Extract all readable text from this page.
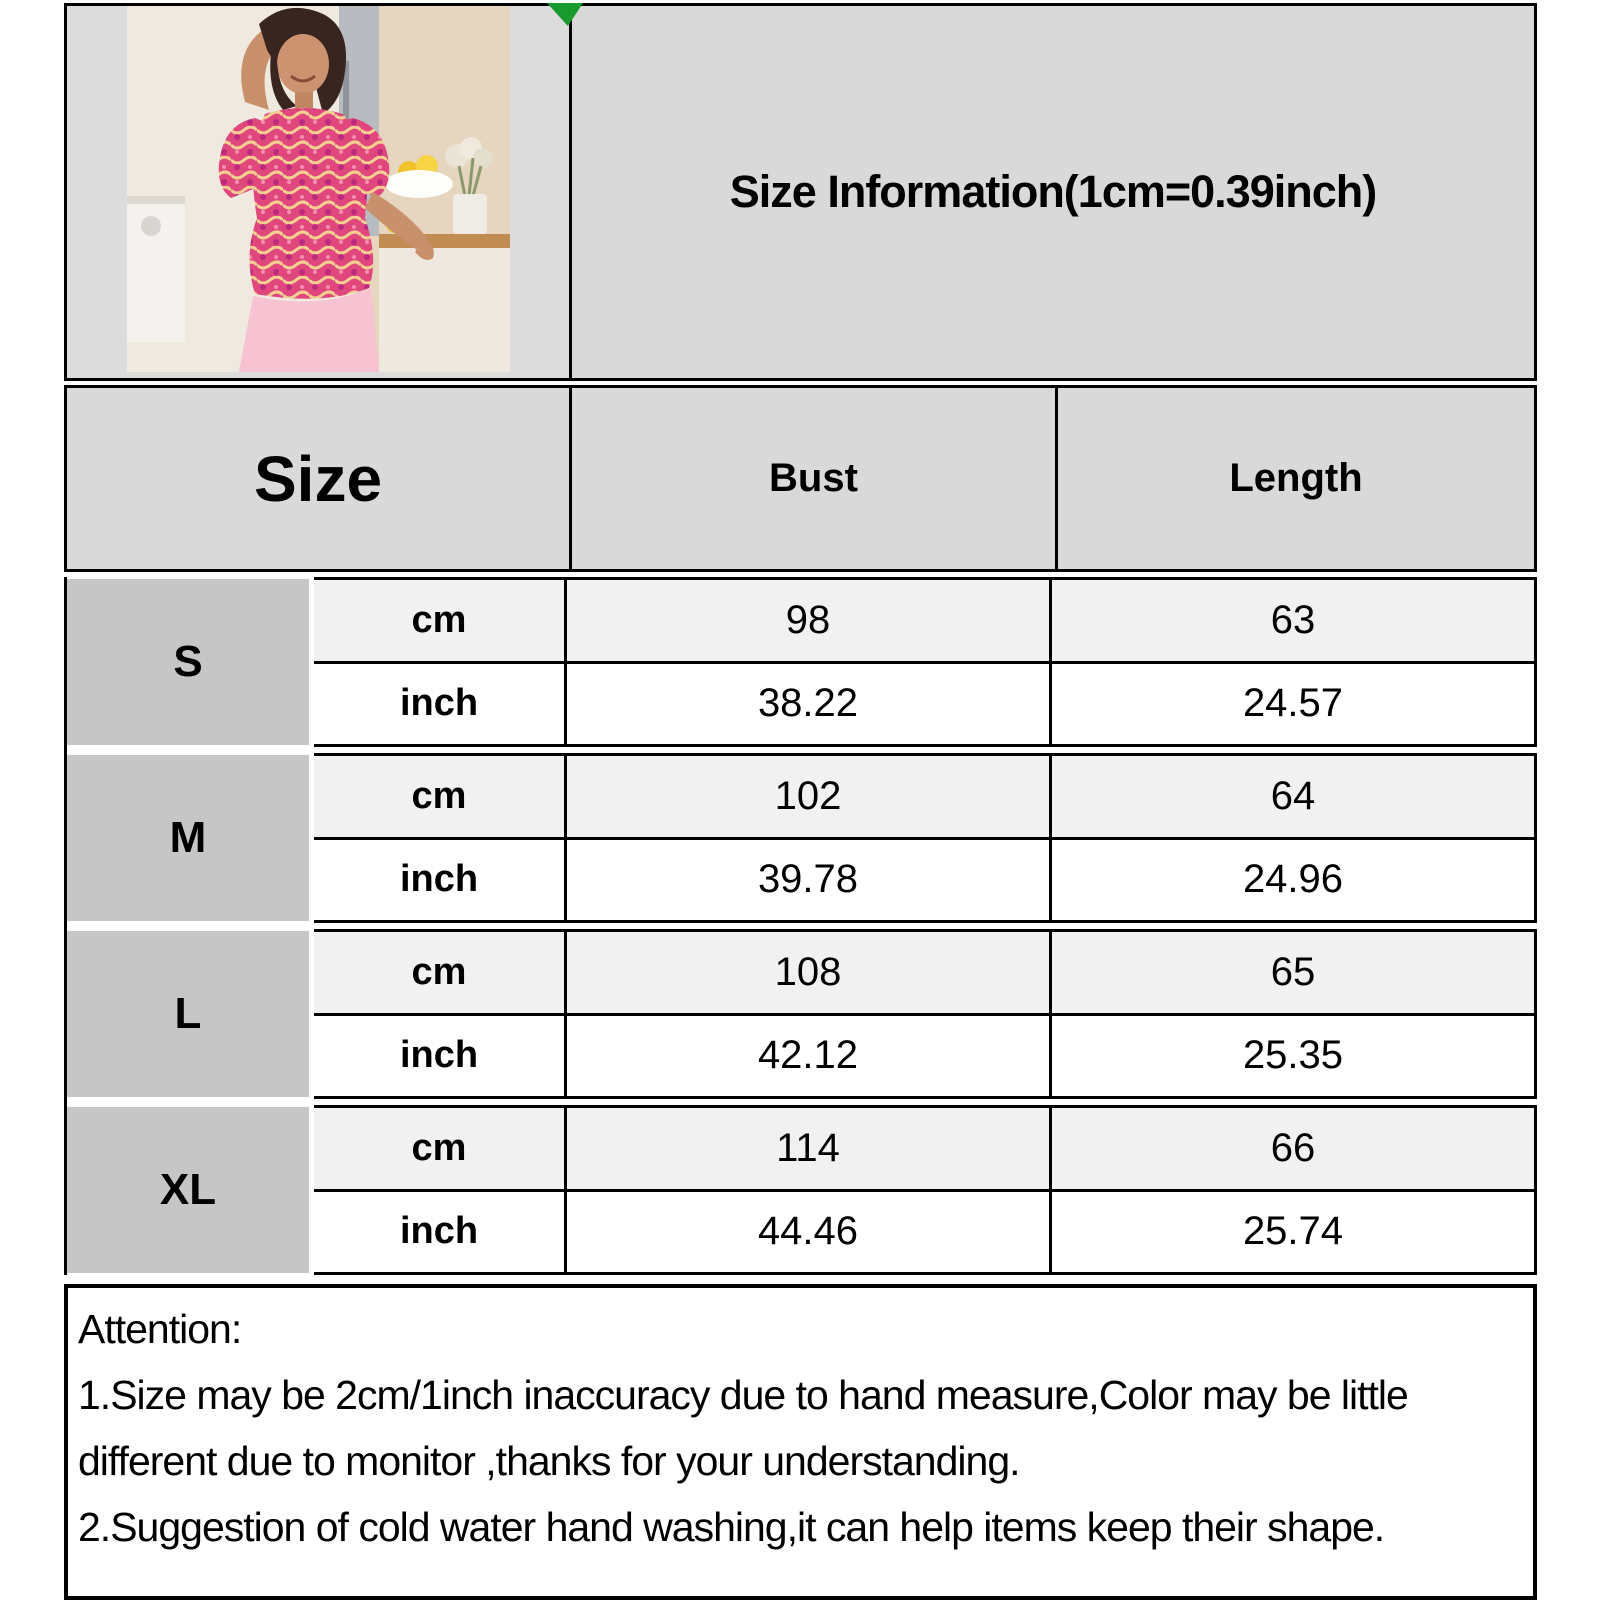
Size Information(1cm=0.39inch)
Size	Bust	Length
S
cm	98	63
inch	38.22	24.57
M
cm	102	64
inch	39.78	24.96
L
cm	108	65
inch	42.12	25.35
XL
cm	114	66
inch	44.46	25.74

Attention:

1.Size may be 2cm/1inch inaccuracy due to hand measure,Color may be little different due to monitor ,thanks for your understanding.

2.Suggestion of cold water hand washing,it can help items keep their shape.
